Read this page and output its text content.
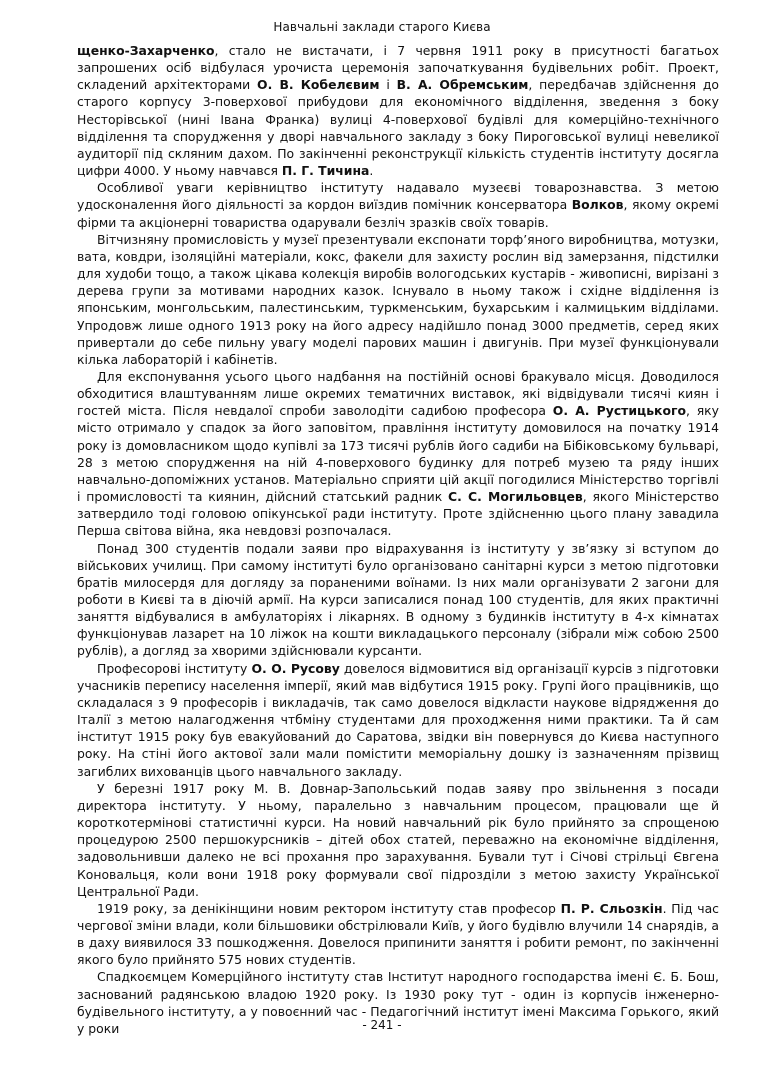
Навчальні заклади старого Києва

щенко-Захарченко, стало не вистачати, і 7 червня 1911 року в присутності багатьох запрошених осіб відбулася урочиста церемонія започаткування будівельних робіт. Проект, складений архітекторами О. В. Кобелєвим і В. А. Обремським, передбачав здійснення до старого корпусу 3-поверхової прибудови для економічного відділення, зведення з боку Несторівської (нині Івана Франка) вулиці 4-поверхової будівлі для комерційно-технічного відділення та спорудження у дворі навчального закладу з боку Пироговської вулиці невеликої аудиторії під скляним дахом. По закінченні реконструкції кількість студентів інституту досягла цифри 4000. У ньому навчався П. Г. Тичина.

Особливої уваги керівництво інституту надавало музеєві товарознавства. З метою удосконалення його діяльності за кордон виїздив помічник консерватора Волков, якому окремі фірми та акціонерні товариства одарували безліч зразків своїх товарів.

Вітчизняну промисловість у музеї презентували експонати торф’яного виробництва, мотузки, вата, ковдри, ізоляційні матеріали, кокс, факели для захисту рослин від замерзання, підстилки для худоби тощо, а також цікава колекція виробів вологодських кустарів - живописні, вирізані з дерева групи за мотивами народних казок. Існувало в ньому також і східне відділення із японським, монгольським, палестинським, туркменським, бухарським і калмицьким відділами. Упродовж лише одного 1913 року на його адресу надійшло понад 3000 предметів, серед яких привертали до себе пильну увагу моделі парових машин і двигунів. При музеї функціонували кілька лабораторій і кабінетів.

Для експонування усього цього надбання на постійній основі бракувало місця. Доводилося обходитися влаштуванням лише окремих тематичних виставок, які відвідували тисячі киян і гостей міста. Після невдалої спроби заволодіти садибою професора О. А. Рустицького, яку місто отримало у спадок за його заповітом, правління інституту домовилося на початку 1914 року із домовласником щодо купівлі за 173 тисячі рублів його садиби на Бібіковському бульварі, 28 з метою спорудження на ній 4-поверхового будинку для потреб музею та ряду інших навчально-допоміжних установ. Матеріально сприяти цій акції погодилися Міністерство торгівлі і промисловості та киянин, дійсний статський радник С. С. Могильовцев, якого Міністерство затвердило тоді головою опікунської ради інституту. Проте здійсненню цього плану завадила Перша світова війна, яка невдовзі розпочалася.

Понад 300 студентів подали заяви про відрахування із інституту у зв’язку зі вступом до військових училищ. При самому інституті було організовано санітарні курси з метою підготовки братів милосердя для догляду за пораненими воїнами. Із них мали організувати 2 загони для роботи в Києві та в діючій армії. На курси записалися понад 100 студентів, для яких практичні заняття відбувалися в амбулаторіях і лікарнях. В одному з будинків інституту в 4-х кімнатах функціонував лазарет на 10 ліжок на кошти викладацького персоналу (зібрали між собою 2500 рублів), а догляд за хворими здійснювали курсанти.

Професорові інституту О. О. Русову довелося відмовитися від організації курсів з підготовки учасників перепису населення імперії, який мав відбутися 1915 року. Групі його працівників, що складалася з 9 професорів і викладачів, так само довелося відкласти наукове відрядження до Італії з метою налагодження чтбміну студентами для проходження ними практики. Та й сам інститут 1915 року був евакуйований до Саратова, звідки він повернувся до Києва наступного року. На стіні його актової зали мали помістити меморіальну дошку із зазначенням прізвищ загиблих вихованців цього навчального закладу.

У березні 1917 року М. В. Довнар-Запольський подав заяву про звільнення з посади директора інституту. У ньому, паралельно з навчальним процесом, працювали ще й короткотермінові статистичні курси. На новий навчальний рік було прийнято за спрощеною процедурою 2500 першокурсників – дітей обох статей, переважно на економічне відділення, задовольнивши далеко не всі прохання про зарахування. Бували тут і Січові стрільці Євгена Коновальця, коли вони 1918 року формували свої підрозділи з метою захисту Української Центральної Ради.

1919 року, за денікінщини новим ректором інституту став професор П. Р. Сльозкін. Під час чергової зміни влади, коли більшовики обстрілювали Київ, у його будівлю влучили 14 снарядів, а в даху виявилося 33 пошкодження. Довелося припинити заняття і робити ремонт, по закінченні якого було прийнято 575 нових студентів.

Спадкоємцем Комерційного інституту став Інститут народного господарства імені Є. Б. Бош, заснований радянською владою 1920 року. Із 1930 року тут - один із корпусів інженерно-будівельного інституту, а у повоєнний час - Педагогічний інститут імені Максима Горького, який у роки	- 241 -
